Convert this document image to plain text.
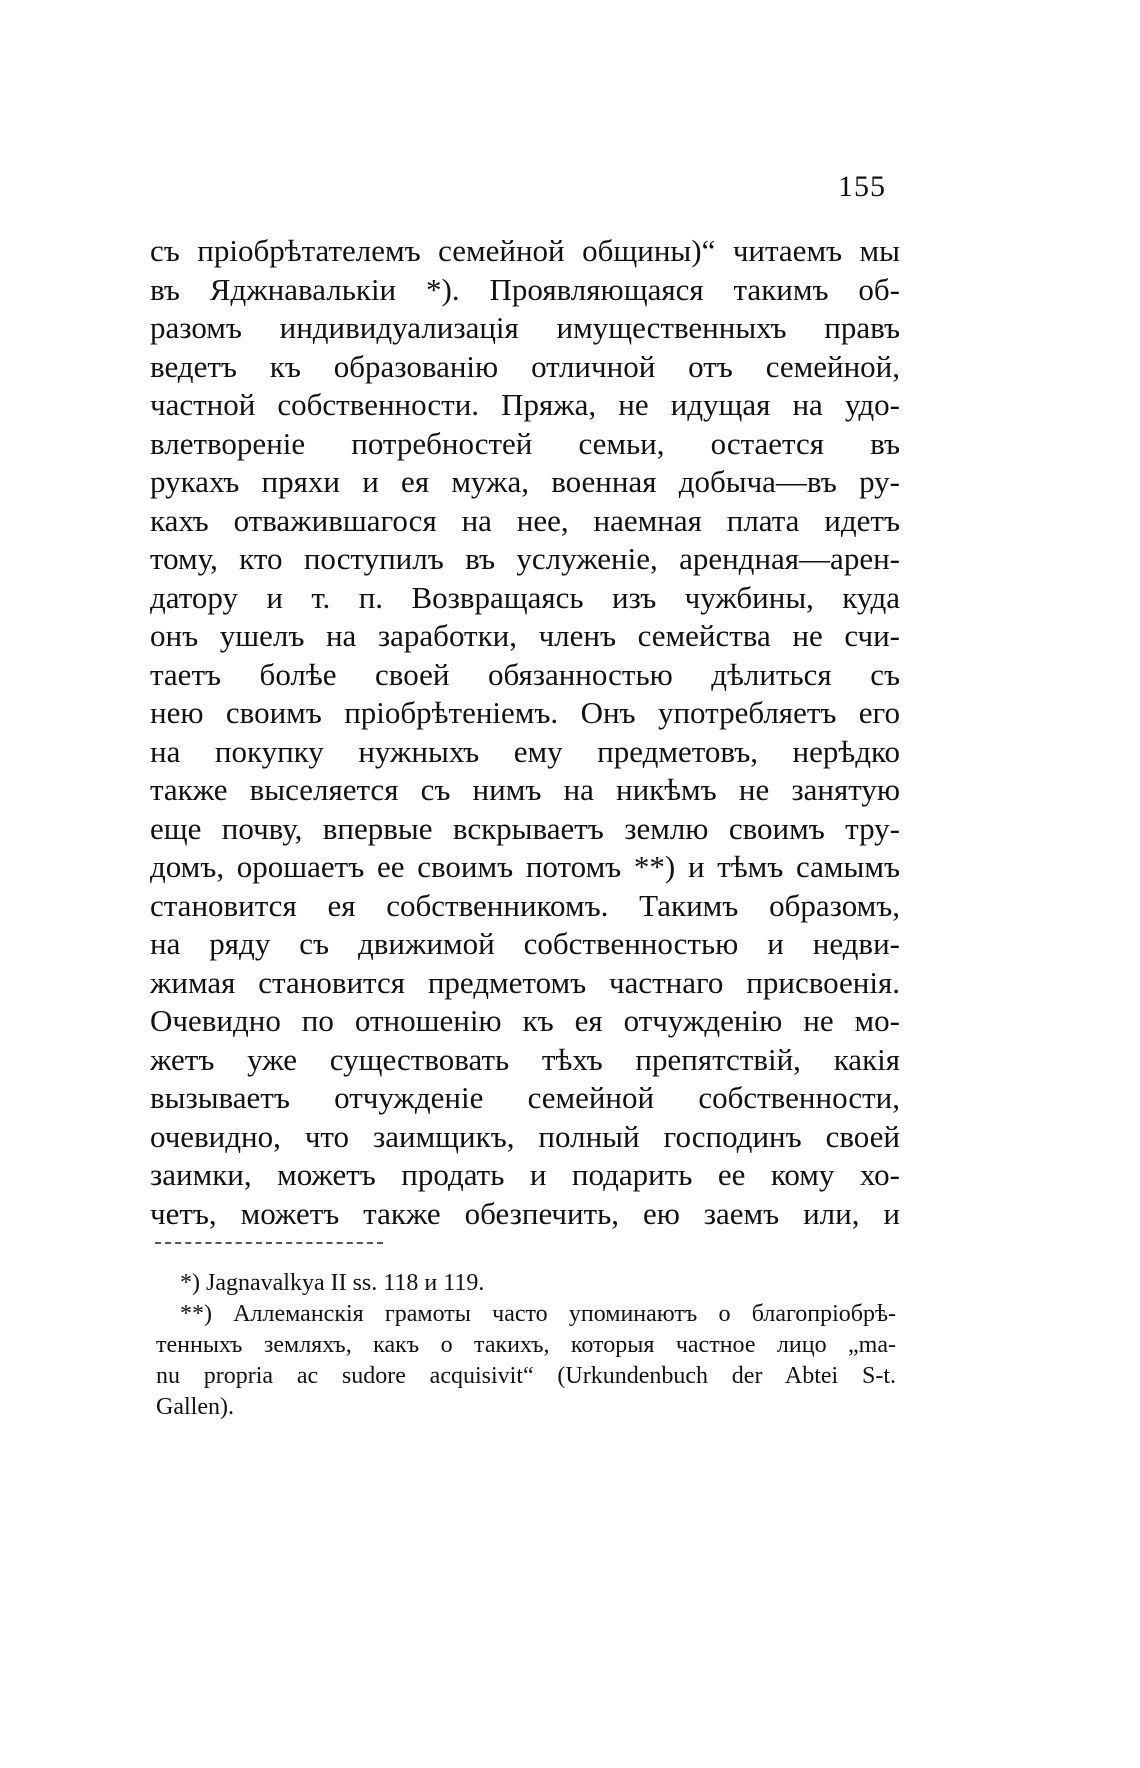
155
съ пріобрѣтателемъ семейной общины)“ читаемъ мы
въ Яджнавалькіи *). Проявляющаяся такимъ об-
разомъ индивидуализація имущественныхъ правъ
ведетъ къ образованію отличной отъ семейной,
частной собственности. Пряжа, не идущая на удо-
влетвореніе потребностей семьи, остается въ
рукахъ пряхи и ея мужа, военная добыча—въ ру-
кахъ отважившагося на нее, наемная плата идетъ
тому, кто поступилъ въ услуженіе, арендная—арен-
датору и т. п. Возвращаясь изъ чужбины, куда
онъ ушелъ на заработки, членъ семейства не счи-
таетъ болѣе своей обязанностью дѣлиться съ
нею своимъ пріобрѣтеніемъ. Онъ употребляетъ его
на покупку нужныхъ ему предметовъ, нерѣдко
также выселяется съ нимъ на никѣмъ не занятую
еще почву, впервые вскрываетъ землю своимъ тру-
домъ, орошаетъ ее своимъ потомъ **) и тѣмъ самымъ
становится ея собственникомъ. Такимъ образомъ,
на ряду съ движимой собственностью и недви-
жимая становится предметомъ частнаго присвоенія.
Очевидно по отношенію къ ея отчужденію не мо-
жетъ уже существовать тѣхъ препятствій, какія
вызываетъ отчужденіе семейной собственности,
очевидно, что заимщикъ, полный господинъ своей
заимки, можетъ продать и подарить ее кому хо-
четъ, можетъ также обезпечить, ею заемъ или, и
*) Jagnavalkya II ss. 118 и 119.
**) Аллеманскія грамоты часто упоминаютъ о благопріобрѣ-
тенныхъ земляхъ, какъ о такихъ, которыя частное лицо „ma-
nu propria ac sudore acquisivit“ (Urkundenbuch der Abtei S-t.
Gallen).
